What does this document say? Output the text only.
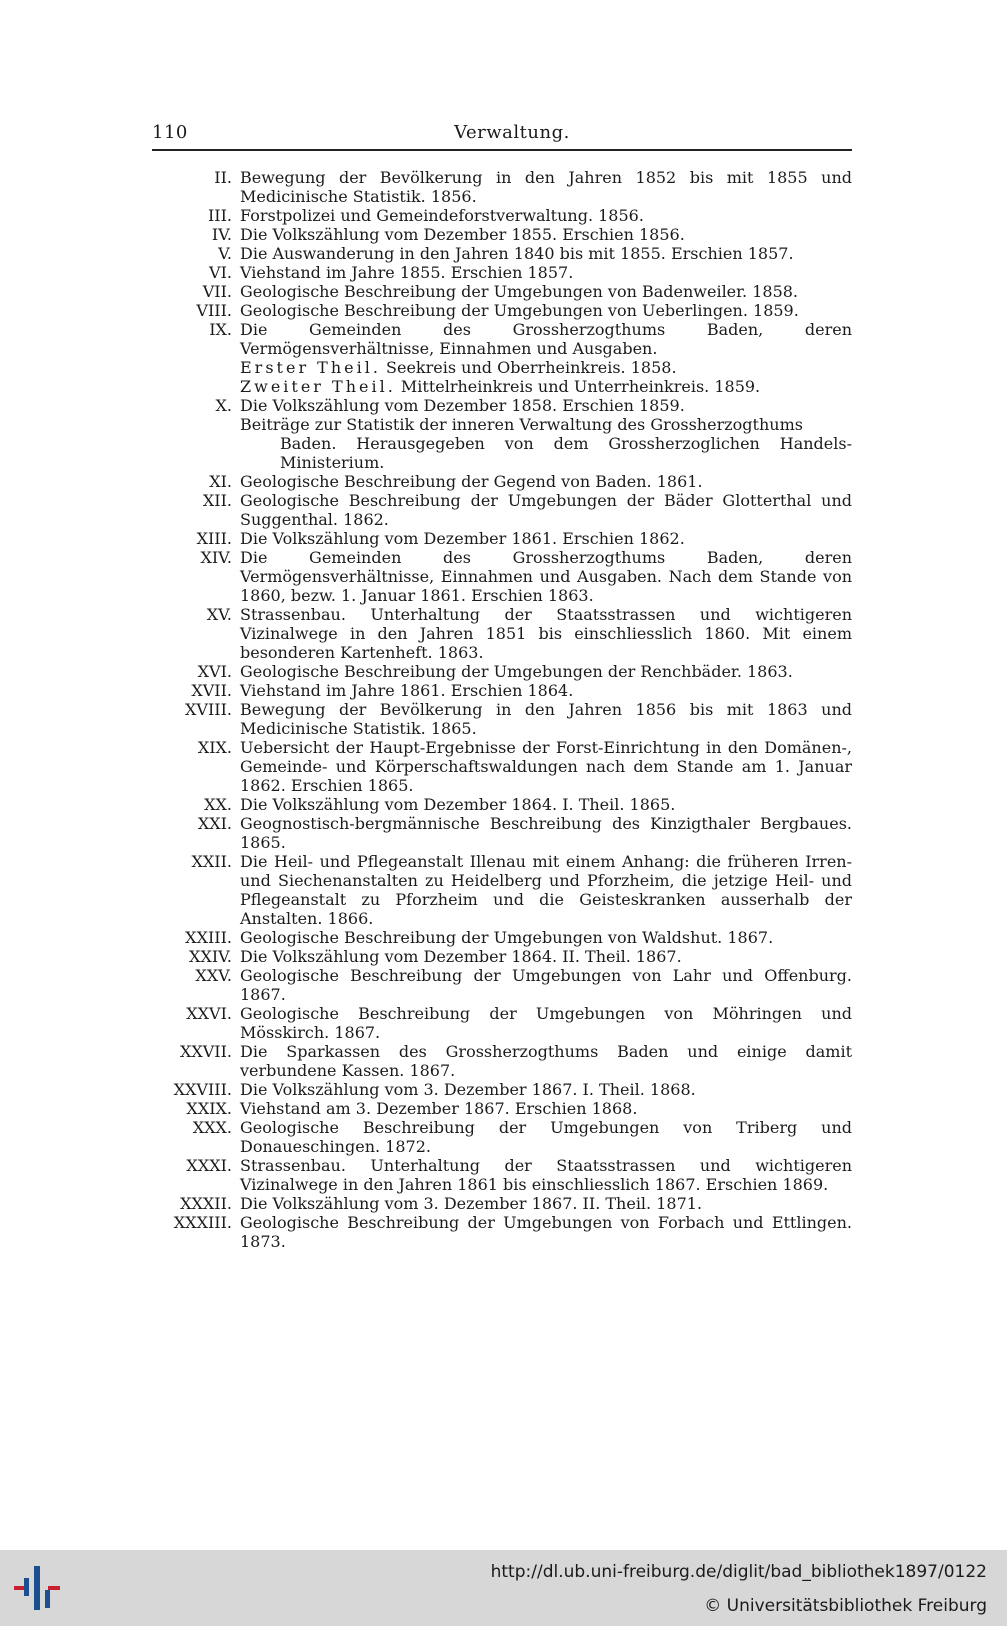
110	Verwaltung.
II. Bewegung der Bevölkerung in den Jahren 1852 bis mit 1855 und Medicinische Statistik. 1856.
III. Forstpolizei und Gemeindeforstverwaltung. 1856.
IV. Die Volkszählung vom Dezember 1855. Erschien 1856.
V. Die Auswanderung in den Jahren 1840 bis mit 1855. Erschien 1857.
VI. Viehstand im Jahre 1855. Erschien 1857.
VII. Geologische Beschreibung der Umgebungen von Badenweiler. 1858.
VIII. Geologische Beschreibung der Umgebungen von Ueberlingen. 1859.
IX. Die Gemeinden des Grossherzogthums Baden, deren Vermögensverhältnisse, Einnahmen und Ausgaben.
Erster Theil. Seekreis und Oberrheinkreis. 1858.
Zweiter Theil. Mittelrheinkreis und Unterrheinkreis. 1859.
X. Die Volkszählung vom Dezember 1858. Erschien 1859.
Beiträge zur Statistik der inneren Verwaltung des Grossherzogthums
Baden. Herausgegeben von dem Grossherzoglichen Handels-Ministerium.
XI. Geologische Beschreibung der Gegend von Baden. 1861.
XII. Geologische Beschreibung der Umgebungen der Bäder Glotterthal und Suggenthal. 1862.
XIII. Die Volkszählung vom Dezember 1861. Erschien 1862.
XIV. Die Gemeinden des Grossherzogthums Baden, deren Vermögensverhältnisse, Einnahmen und Ausgaben. Nach dem Stande von 1860, bezw. 1. Januar 1861. Erschien 1863.
XV. Strassenbau. Unterhaltung der Staatsstrassen und wichtigeren Vizinalwege in den Jahren 1851 bis einschliesslich 1860. Mit einem besonderen Kartenheft. 1863.
XVI. Geologische Beschreibung der Umgebungen der Renchbäder. 1863.
XVII. Viehstand im Jahre 1861. Erschien 1864.
XVIII. Bewegung der Bevölkerung in den Jahren 1856 bis mit 1863 und Medicinische Statistik. 1865.
XIX. Uebersicht der Haupt-Ergebnisse der Forst-Einrichtung in den Domänen-, Gemeinde- und Körperschaftswaldungen nach dem Stande am 1. Januar 1862. Erschien 1865.
XX. Die Volkszählung vom Dezember 1864. I. Theil. 1865.
XXI. Geognostisch-bergmännische Beschreibung des Kinzigthaler Bergbaues. 1865.
XXII. Die Heil- und Pflegeanstalt Illenau mit einem Anhang: die früheren Irren- und Siechenanstalten zu Heidelberg und Pforzheim, die jetzige Heil- und Pflegeanstalt zu Pforzheim und die Geisteskranken ausserhalb der Anstalten. 1866.
XXIII. Geologische Beschreibung der Umgebungen von Waldshut. 1867.
XXIV. Die Volkszählung vom Dezember 1864. II. Theil. 1867.
XXV. Geologische Beschreibung der Umgebungen von Lahr und Offenburg. 1867.
XXVI. Geologische Beschreibung der Umgebungen von Möhringen und Mösskirch. 1867.
XXVII. Die Sparkassen des Grossherzogthums Baden und einige damit verbundene Kassen. 1867.
XXVIII. Die Volkszählung vom 3. Dezember 1867. I. Theil. 1868.
XXIX. Viehstand am 3. Dezember 1867. Erschien 1868.
XXX. Geologische Beschreibung der Umgebungen von Triberg und Donaueschingen. 1872.
XXXI. Strassenbau. Unterhaltung der Staatsstrassen und wichtigeren Vizinalwege in den Jahren 1861 bis einschliesslich 1867. Erschien 1869.
XXXII. Die Volkszählung vom 3. Dezember 1867. II. Theil. 1871.
XXXIII. Geologische Beschreibung der Umgebungen von Forbach und Ettlingen. 1873.
http://dl.ub.uni-freiburg.de/diglit/bad_bibliothek1897/0122
© Universitätsbibliothek Freiburg
